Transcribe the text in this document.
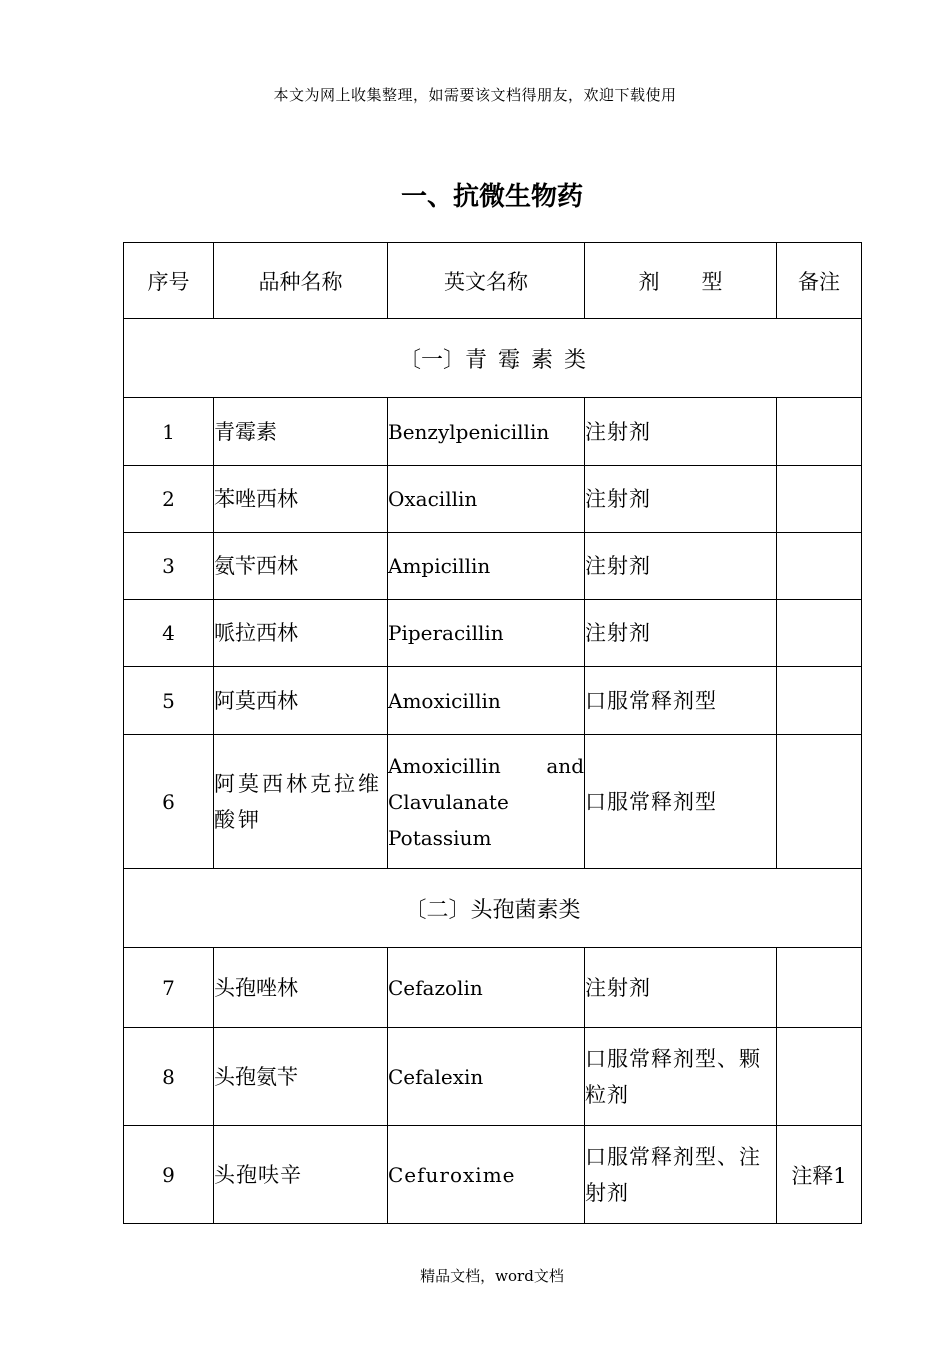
本文为网上收集整理，如需要该文档得朋友，欢迎下载使用
一、抗微生物药
序号	品种名称	英文名称	剂　　型	备注
〔一〕青 霉 素 类				
1	青霉素	Benzylpenicillin	注射剂	
2	苯唑西林	Oxacillin	注射剂	
3	氨苄西林	Ampicillin	注射剂	
4	哌拉西林	Piperacillin	注射剂	
5	阿莫西林	Amoxicillin	口服常释剂型	
6	阿莫西林克拉维酸钾	Amoxicillin and Clavulanate Potassium	口服常释剂型	
〔二〕头孢菌素类				
7	头孢唑林	Cefazolin	注射剂	
8	头孢氨苄	Cefalexin	口服常释剂型、颗粒剂	
9	头孢呋辛	Cefuroxime	口服常释剂型、注射剂	注释1
精品文档，word文档
